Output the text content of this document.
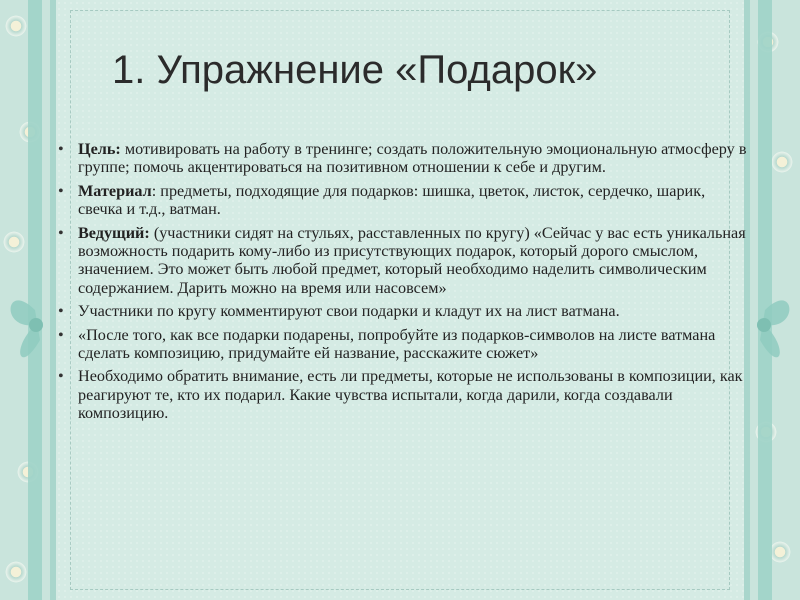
1. Упражнение «Подарок»
• Цель: мотивировать на работу в тренинге; создать положительную эмоциональную атмосферу в группе; помочь акцентироваться на позитивном отношении к себе и другим.
• Материал: предметы, подходящие для подарков: шишка, цветок, листок, сердечко, шарик, свечка и т.д., ватман.
• Ведущий: (участники сидят на стульях, расставленных по кругу) «Сейчас у вас есть уникальная возможность подарить кому-либо из присутствующих подарок, который дорого смыслом, значением. Это может быть любой предмет, который необходимо наделить символическим содержанием. Дарить можно на время или насовсем»
• Участники по кругу комментируют свои подарки и кладут их на лист ватмана.
• «После того, как все подарки подарены, попробуйте из подарков-символов на листе ватмана сделать композицию, придумайте ей название, расскажите сюжет»
• Необходимо обратить внимание, есть ли предметы, которые не использованы в композиции, как реагируют те, кто их подарил. Какие чувства испытали, когда дарили, когда создавали композицию.
